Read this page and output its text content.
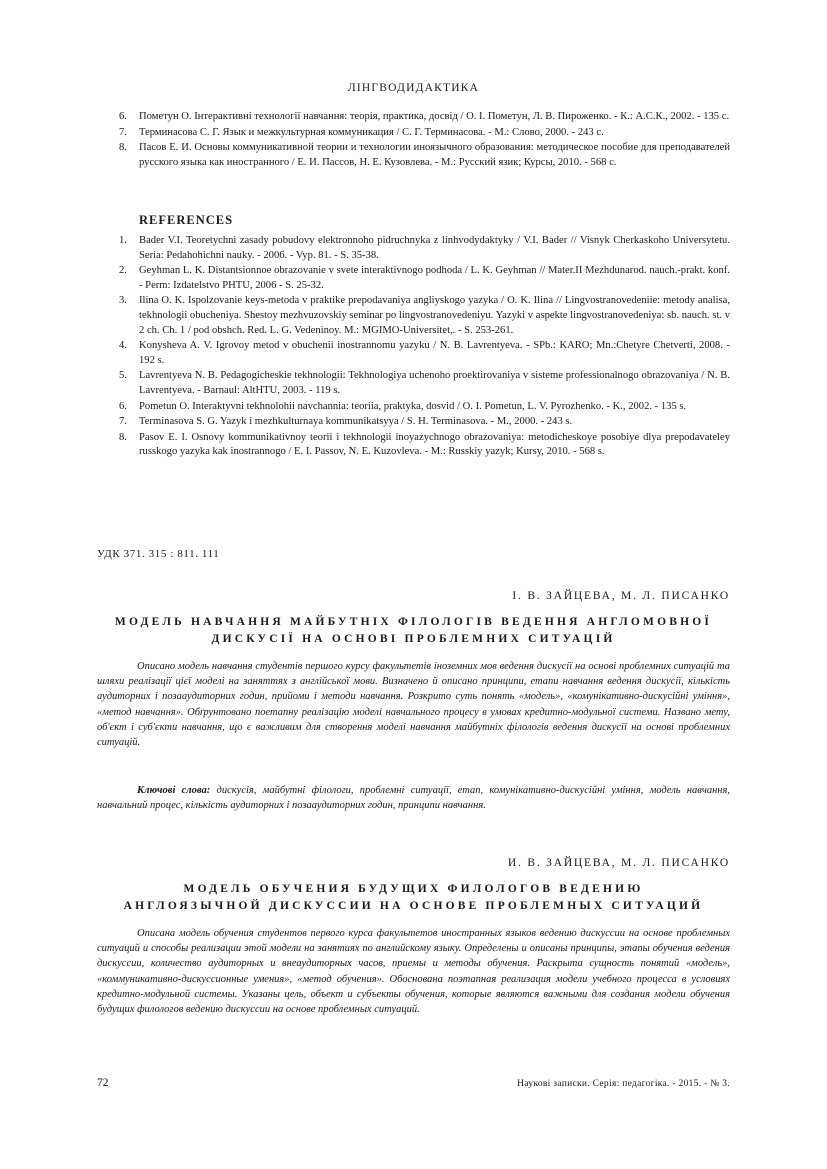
ЛІНГВОДИДАКТИКА
6. Пометун О. Інтерактивні технології навчання: теорія, практика, досвід / О. І. Пометун, Л. В. Пироженко. - К.: А.С.К., 2002. - 135 с.
7. Терминасова С. Г. Язык и межкультурная коммуникация / С. Г. Терминасова. - М.: Слово, 2000. - 243 с.
8. Пасов Е. И. Основы коммуникативной теории и технологии иноязычного образования: методическое пособие для преподавателей русского языка как иностранного / Е. И. Пассов, Н. Е. Кузовлева. - М.: Русский язик; Курсы, 2010. - 568 с.
REFERENCES
1. Bader V.I. Teoretychni zasady pobudovy elektronnoho pidruchnyka z linhvodydaktyky / V.I. Bader // Visnyk Cherkaskoho Universytetu. Seria: Pedahohichni nauky. - 2006. - Vyp. 81. - S. 35-38.
2. Geyhman L. K. Distantsionnoe obrazovanie v svete interaktivnogo podhoda / L. K. Geyhman // Mater.II Mezhdunarod. nauch.-prakt. konf. - Perm: Izdatelstvo PHTU, 2006 - S. 25-32.
3. Ilina O. K. Ispolzovanie keys-metoda v praktike prepodavaniya angliyskogo yazyka / O. K. Ilina // Lingvostranovedeniie: metody analisa, tekhnologii obucheniya. Shestoy mezhvuzovskiy seminar po lingvostranovedeniyu. Yazyki v aspekte lingvostranovedeniya: sb. nauch. st. v 2 ch. Ch. 1 / pod obshch. Red. L. G. Vedeninoy. M.: MGIMO-Universitet,. - S. 253-261.
4. Konysheva A. V. Igrovoy metod v obuchenii inostrannomu yazyku / N. B. Lavrentyeva. - SPb.: KARO; Mn.:Chetyre Chetverti, 2008. - 192 s.
5. Lavrentyeva N. B. Pedagogicheskie tekhnologii: Tekhnologiya uchenoho proektirovaniya v sisteme professionalnogo obrazovaniya / N. B. Lavrentyeva. - Barnaul: AltHTU, 2003. - 119 s.
6. Pometun O. Interaktyvni tekhnolohii navchannia: teoriia, praktyka, dosvid / O. I. Pometun, L. V. Pyrozhenko. - K., 2002. - 135 s.
7. Terminasova S. G. Yazyk i mezhkulturnaya kommunikatsyya / S. H. Terminasova. - M., 2000. - 243 s.
8. Pasov E. I. Osnovy kommunikativnoy teorii i tekhnologii inoyazychnogo obrazovaniya: metodicheskoye posobiye dlya prepodavateley russkogo yazyka kak inostrannogo / E. I. Passov, N. E. Kuzovleva. - M.: Russkiy yazyk; Kursy, 2010. - 568 s.
УДК 371. 315 : 811. 111
І. В. ЗАЙЦЕВА, М. Л. ПИСАНКО
МОДЕЛЬ НАВЧАННЯ МАЙБУТНІХ ФІЛОЛОГІВ ВЕДЕННЯ АНГЛОМОВНОЇ
ДИСКУСІЇ НА ОСНОВІ ПРОБЛЕМНИХ СИТУАЦІЙ

Описано модель навчання студентів першого курсу факультетів іноземних мов ведення дискусії на основі проблемних ситуацій та шляхи реалізації цієї моделі на заняттях з англійської мови. Визначено й описано принципи, етапи навчання ведення дискусії, кількість аудиторних і позааудиторних годин, прийоми і методи навчання. Розкрито суть понять «модель», «комунікативно-дискусійні уміння», «метод навчання». Обґрунтовано поетапну реалізацію моделі навчального процесу в умовах кредитно-модульної системи. Названо мету, об'єкт і суб'єкти навчання, що є важливим для створення моделі навчання майбутніх філологів ведення дискусії на основі проблемних ситуацій.

Ключові слова: дискусія, майбутні філологи, проблемні ситуації, етап, комунікативно-дискусійні уміння, модель навчання, навчальний процес, кількість аудиторних і позааудиторних годин, принципи навчання.

И. В. ЗАЙЦЕВА, М. Л. ПИСАНКО
МОДЕЛЬ ОБУЧЕНИЯ БУДУЩИХ ФИЛОЛОГОВ ВЕДЕНИЮ
АНГЛОЯЗЫЧНОЙ ДИСКУССИИ НА ОСНОВЕ ПРОБЛЕМНЫХ СИТУАЦИЙ

Описана модель обучения студентов первого курса факультетов иностранных языков ведению дискуссии на основе проблемных ситуаций и способы реализации этой модели на занятиях по английскому языку. Определены и описаны принципы, этапы обучения ведения дискуссии, количество аудиторных и внеаудиторных часов, приемы и методы обучения. Раскрыта сущность понятий «модель», «коммуникативно-дискуссионные умения», «метод обучения». Обоснована поэтапная реализация модели учебного процесса в условиях кредитно-модульной системы. Указаны цель, объект и субъекты обучения, которые являются важными для создания модели обучения будущих филологов ведению дискуссии на основе проблемных ситуаций.

72	Наукові записки. Серія: педагогіка. - 2015. - № 3.
